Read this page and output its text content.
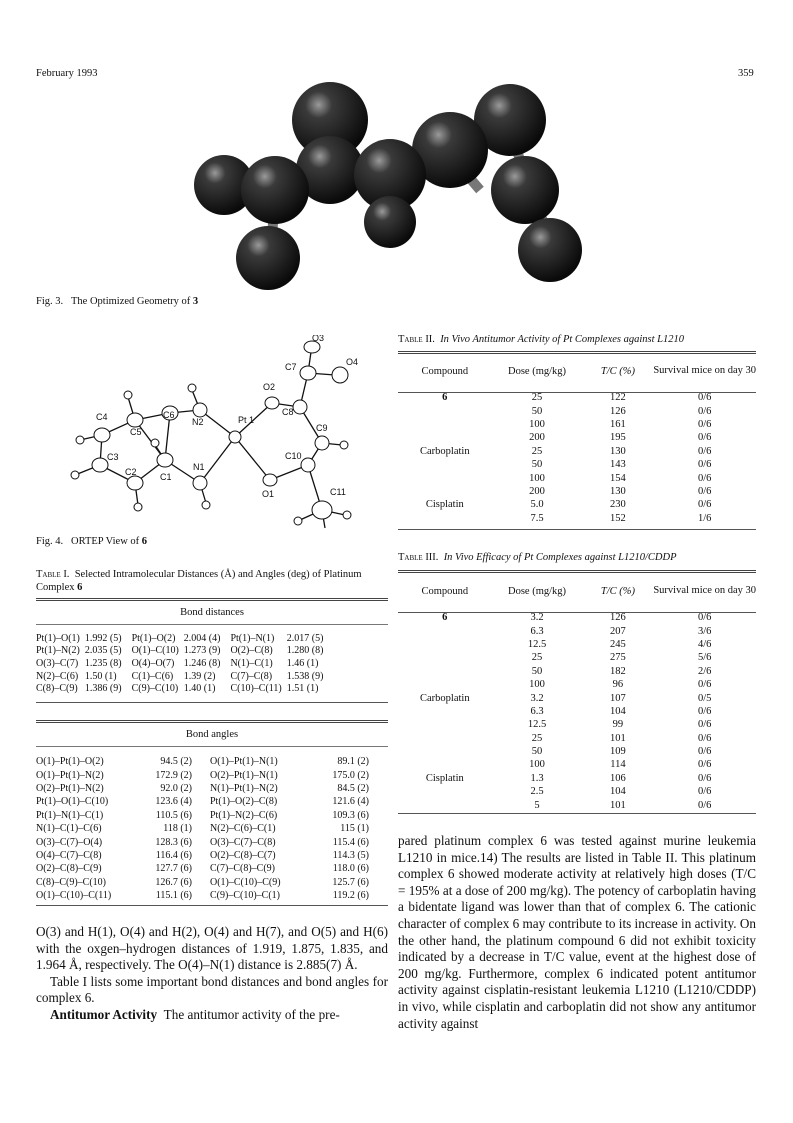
February 1993	359
Fig. 3. The Optimized Geometry of 3
O3
C7	O4
O2
C8
C9
C6
N2	Pt 1
C4
C5
C3
C2	C1
N1
C10
O1	C11
Fig. 4. ORTEP View of 6
Table I. Selected Intramolecular Distances (Å) and Angles (deg) of Platinum Complex 6
Bond distances
Pt(1)–O(1)	1.992 (5)	Pt(1)–O(2)	2.004 (4)	Pt(1)–N(1)	2.017 (5)
Pt(1)–N(2)	2.035 (5)	O(1)–C(10)	1.273 (9)	O(2)–C(8)	1.280 (8)
O(3)–C(7)	1.235 (8)	O(4)–O(7)	1.246 (8)	N(1)–C(1)	1.46 (1)
N(2)–C(6)	1.50 (1)	C(1)–C(6)	1.39 (2)	C(7)–C(8)	1.538 (9)
C(8)–C(9)	1.386 (9)	C(9)–C(10)	1.40 (1)	C(10)–C(11)	1.51 (1)
Bond angles
O(1)–Pt(1)–O(2)	94.5 (2)	O(1)–Pt(1)–N(1)	89.1 (2)
O(1)–Pt(1)–N(2)	172.9 (2)	O(2)–Pt(1)–N(1)	175.0 (2)
O(2)–Pt(1)–N(2)	92.0 (2)	N(1)–Pt(1)–N(2)	84.5 (2)
Pt(1)–O(1)–C(10)	123.6 (4)	Pt(1)–O(2)–C(8)	121.6 (4)
Pt(1)–N(1)–C(1)	110.5 (6)	Pt(1)–N(2)–C(6)	109.3 (6)
N(1)–C(1)–C(6)	118 (1)	N(2)–C(6)–C(1)	115 (1)
O(3)–C(7)–O(4)	128.3 (6)	O(3)–C(7)–C(8)	115.4 (6)
O(4)–C(7)–C(8)	116.4 (6)	O(2)–C(8)–C(7)	114.3 (5)
O(2)–C(8)–C(9)	127.7 (6)	C(7)–C(8)–C(9)	118.0 (6)
C(8)–C(9)–C(10)	126.7 (6)	O(1)–C(10)–C(9)	125.7 (6)
O(1)–C(10)–C(11)	115.1 (6)	C(9)–C(10)–C(1)	119.2 (6)

O(3) and H(1), O(4) and H(2), O(4) and H(7), and O(5) and H(6) with the oxgen–hydrogen distances of 1.919, 1.875, 1.835, and 1.964 Å, respectively. The O(4)–N(1) distance is 2.885(7) Å.

Table I lists some important bond distances and bond angles for complex 6.

Antitumor Activity The antitumor activity of the pre-

Table II. In Vivo Antitumor Activity of Pt Complexes against L1210
Compound	Dose (mg/kg)	T/C (%)	Survival mice on day 30

6	25	122	0/6
	50	126	0/6
	100	161	0/6
	200	195	0/6
Carboplatin	25	130	0/6
	50	143	0/6
	100	154	0/6
	200	130	0/6
Cisplatin	5.0	230	0/6
	7.5	152	1/6
Table III. In Vivo Efficacy of Pt Complexes against L1210/CDDP
Compound	Dose (mg/kg)	T/C (%)	Survival mice on day 30

6	3.2	126	0/6
	6.3	207	3/6
	12.5	245	4/6
	25	275	5/6
	50	182	2/6
	100	96	0/6
Carboplatin	3.2	107	0/5
	6.3	104	0/6
	12.5	99	0/6
	25	101	0/6
	50	109	0/6
	100	114	0/6
Cisplatin	1.3	106	0/6
	2.5	104	0/6
	5	101	0/6

pared platinum complex 6 was tested against murine leukemia L1210 in mice.14) The results are listed in Table II. This platinum complex 6 showed moderate activity at relatively high doses (T/C = 195% at a dose of 200 mg/kg). The potency of carboplatin having a bidentate ligand was lower than that of complex 6. The cationic character of complex 6 may contribute to its increase in activity. On the other hand, the platinum compound 6 did not exhibit toxicity indicated by a decrease in T/C value, event at the highest dose of 200 mg/kg. Furthermore, complex 6 indicated potent antitumor activity against cisplatin-resistant leukemia L1210 (L1210/CDDP) in vivo, while cisplatin and carboplatin did not show any antitumor activity against
